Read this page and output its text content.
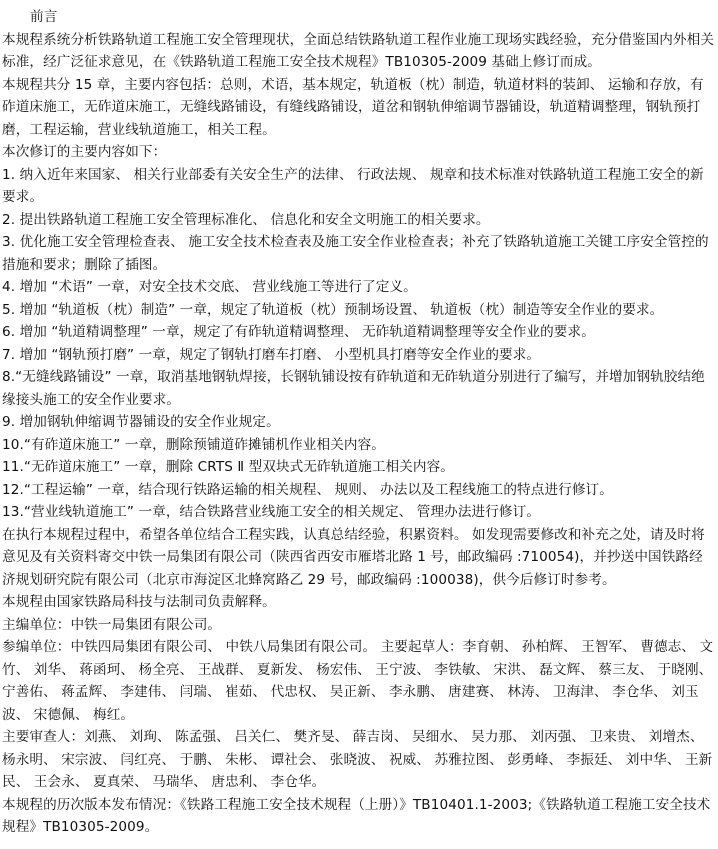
前言

本规程系统分析铁路轨道工程施工安全管理现状，全面总结铁路轨道工程作业施工现场实践经验，充分借鉴国内外相关标准，经广泛征求意见，在《铁路轨道工程施工安全技术规程》TB10305-2009 基础上修订而成。

本规程共分 15 章，主要内容包括：总则，术语，基本规定，轨道板（枕）制造，轨道材料的装卸、 运输和存放，有砟道床施工，无砟道床施工，无缝线路铺设，有缝线路铺设，道岔和钢轨伸缩调节器铺设，轨道精调整理，钢轨预打磨，工程运输，营业线轨道施工，相关工程。

本次修订的主要内容如下：

1. 纳入近年来国家、 相关行业部委有关安全生产的法律、 行政法规、 规章和技术标准对铁路轨道工程施工安全的新要求。

2. 提出铁路轨道工程施工安全管理标准化、 信息化和安全文明施工的相关要求。

3. 优化施工安全管理检查表、 施工安全技术检查表及施工安全作业检查表；补充了铁路轨道施工关键工序安全管控的措施和要求；删除了插图。

4. 增加 “术语” 一章，对安全技术交底、 营业线施工等进行了定义。

5. 增加 “轨道板（枕）制造” 一章，规定了轨道板（枕）预制场设置、 轨道板（枕）制造等安全作业的要求。

6. 增加 “轨道精调整理” 一章，规定了有砟轨道精调整理、 无砟轨道精调整理等安全作业的要求。

7. 增加 “钢轨预打磨” 一章，规定了钢轨打磨车打磨、 小型机具打磨等安全作业的要求。

8.“无缝线路铺设” 一章，取消基地钢轨焊接，长钢轨铺设按有砟轨道和无砟轨道分别进行了编写，并增加钢轨胶结绝缘接头施工的安全作业要求。

9. 增加钢轨伸缩调节器铺设的安全作业规定。

10.“有砟道床施工” 一章，删除预铺道砟摊铺机作业相关内容。

11.“无砟道床施工” 一章，删除 CRTS Ⅱ 型双块式无砟轨道施工相关内容。

12.“工程运输” 一章，结合现行铁路运输的相关规程、 规则、 办法以及工程线施工的特点进行修订。

13.“营业线轨道施工” 一章，结合铁路营业线施工安全的相关规定、 管理办法进行修订。

在执行本规程过程中，希望各单位结合工程实践，认真总结经验，积累资料。 如发现需要修改和补充之处，请及时将意见及有关资料寄交中铁一局集团有限公司（陕西省西安市雁塔北路 1 号，邮政编码 :710054)，并抄送中国铁路经济规划研究院有限公司（北京市海淀区北蜂窝路乙 29 号，邮政编码 :100038)，供今后修订时参考。

本规程由国家铁路局科技与法制司负责解释。

主编单位：中铁一局集团有限公司。

参编单位：中铁四局集团有限公司、 中铁八局集团有限公司。 主要起草人：李育朝、 孙柏辉、 王智军、 曹德志、 文竹、 刘华、 蒋函珂、 杨全亮、 王战群、 夏新发、 杨宏伟、 王宁波、 李铁敏、 宋洪、 磊文辉、 蔡三友、 于晓刚、 宁善佑、 蒋孟辉、 李建伟、 闫瑞、 崔茹、 代忠权、 吴正新、 李永鹏、 唐建赛、 林涛、 卫海津、 李仓华、 刘玉波、 宋德佩、 梅红。

主要审查人：刘燕、 刘珣、 陈孟强、 吕关仁、 樊齐旻、 薛吉岗、 吴细水、 吴力那、 刘丙强、 卫来贵、 刘增杰、 杨永明、 宋宗波、 闫红亮、 于鹏、 朱彬、 谭社会、 张晓波、 祝威、 苏雅拉图、 彭勇峰、 李振廷、 刘中华、 王新民、 王会永、 夏真荣、 马瑞华、 唐忠利、 李仓华。

本规程的历次版本发布情况：《铁路工程施工安全技术规程（上册）》TB10401.1-2003;《铁路轨道工程施工安全技术规程》TB10305-2009。
